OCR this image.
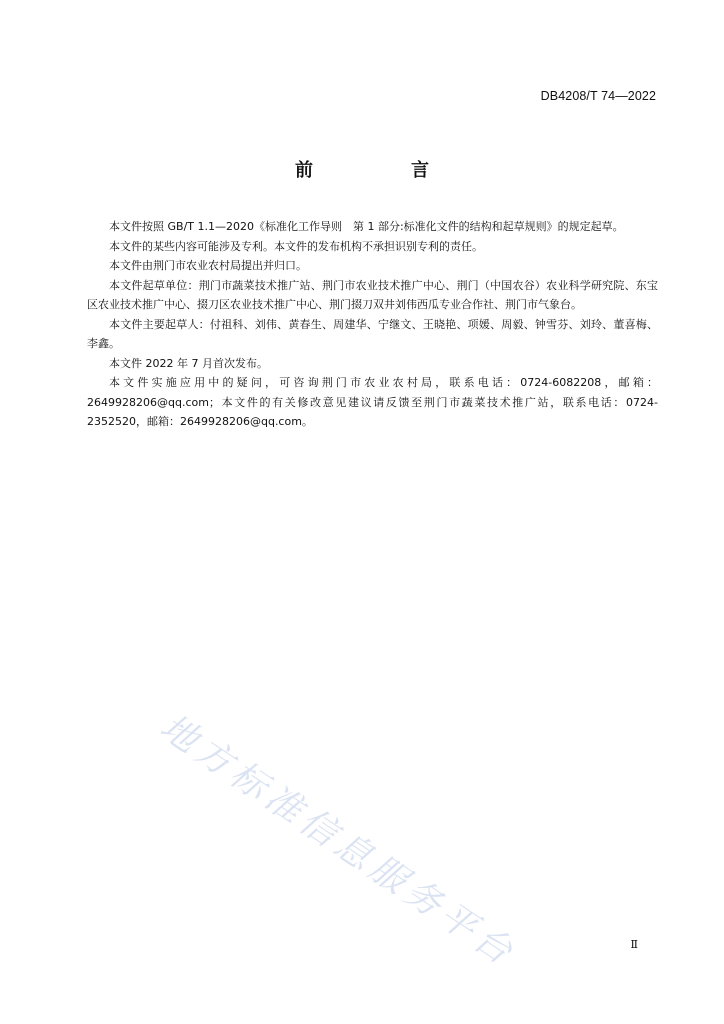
DB4208/T 74—2022
前　言

本文件按照 GB/T 1.1—2020《标准化工作导则　第 1 部分:标准化文件的结构和起草规则》的规定起草。

本文件的某些内容可能涉及专利。本文件的发布机构不承担识别专利的责任。

本文件由荆门市农业农村局提出并归口。

本文件起草单位：荆门市蔬菜技术推广站、荆门市农业技术推广中心、荆门（中国农谷）农业科学研究院、东宝区农业技术推广中心、掇刀区农业技术推广中心、荆门掇刀双井刘伟西瓜专业合作社、荆门市气象台。

本文件主要起草人：付祖科、刘伟、黄春生、周建华、宁继文、王晓艳、项媛、周毅、钟雪芬、刘玲、董喜梅、李鑫。

本文件 2022 年 7 月首次发布。

本文件实施应用中的疑问，可咨询荆门市农业农村局，联系电话：0724-6082208，邮箱：2649928206@qq.com；本文件的有关修改意见建议请反馈至荆门市蔬菜技术推广站，联系电话：0724-2352520，邮箱：2649928206@qq.com。

地方标准信息服务平台	Ⅱ
